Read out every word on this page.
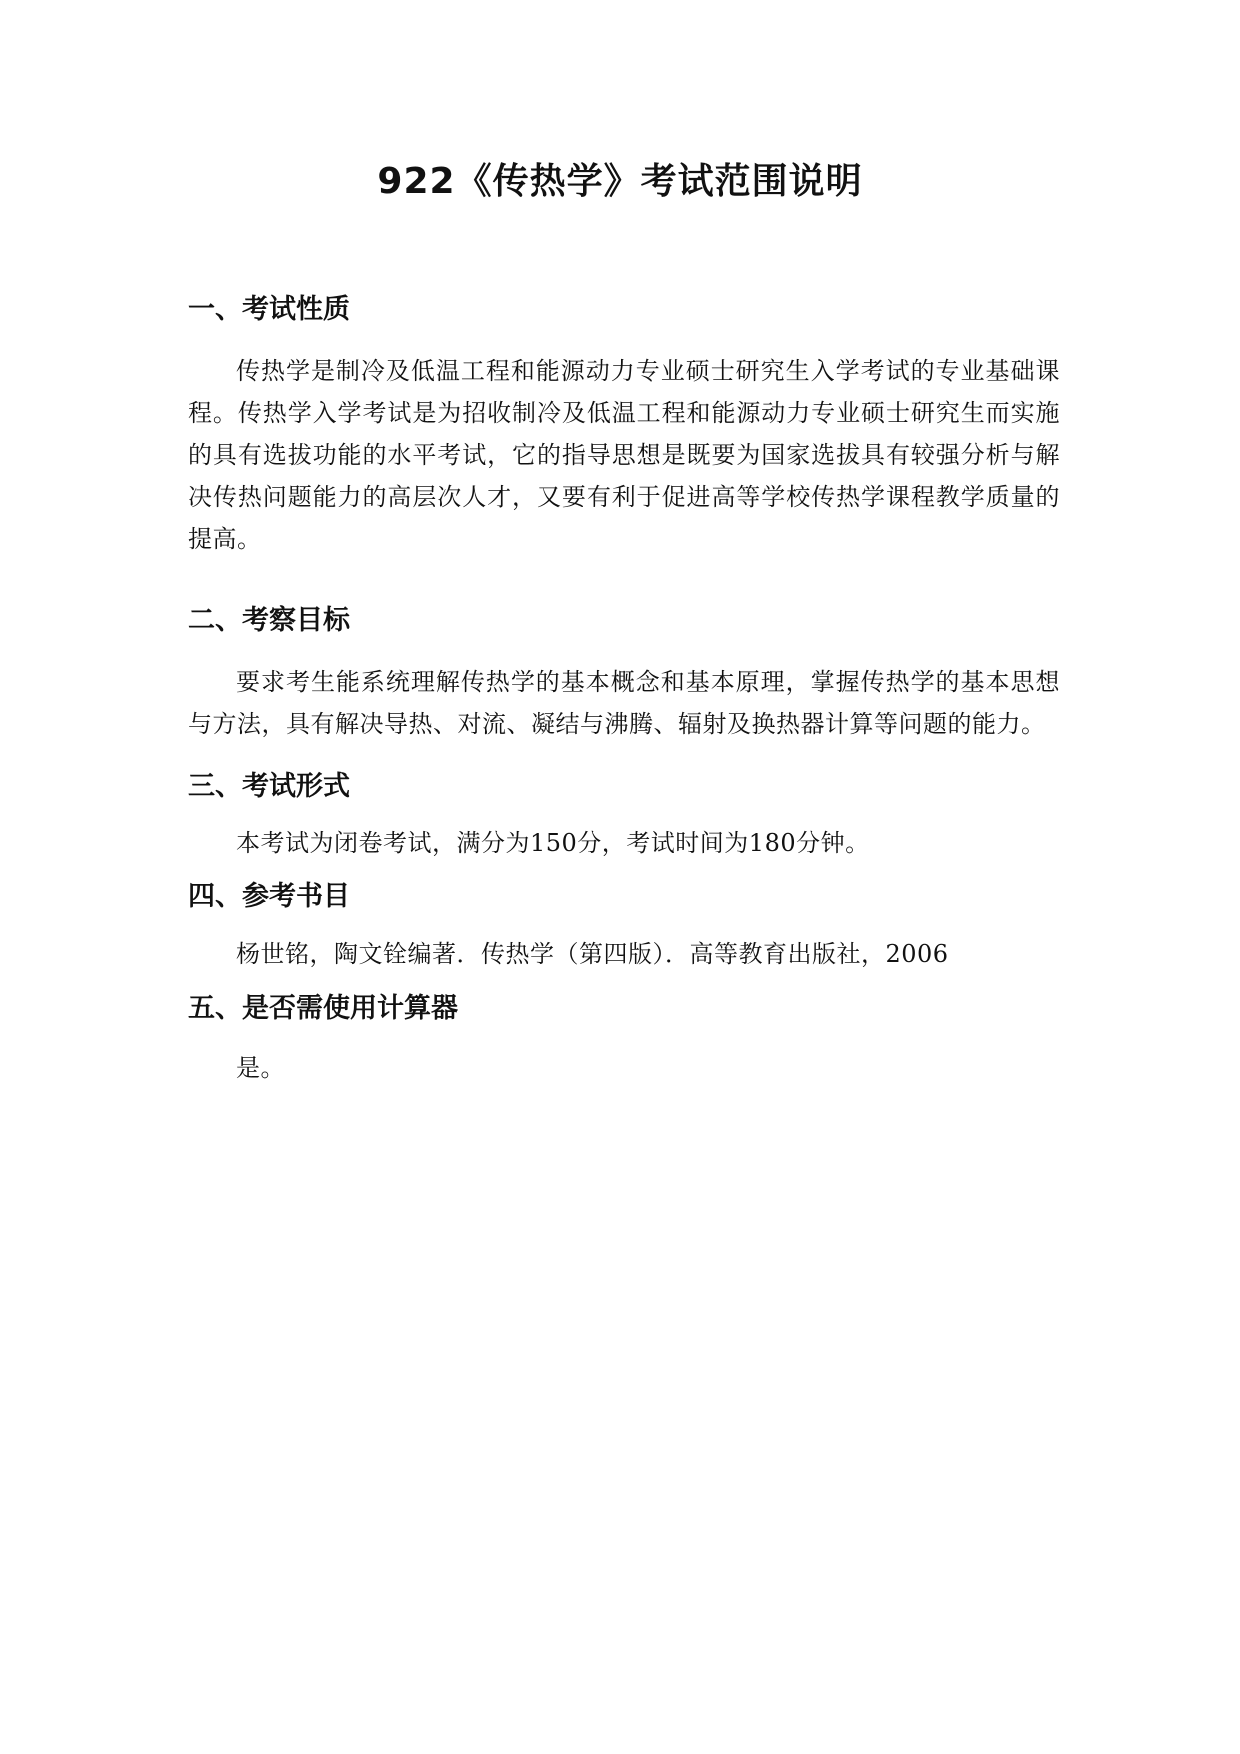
922《传热学》考试范围说明
一、考试性质

传热学是制冷及低温工程和能源动力专业硕士研究生入学考试的专业基础课程。传热学入学考试是为招收制冷及低温工程和能源动力专业硕士研究生而实施的具有选拔功能的水平考试，它的指导思想是既要为国家选拔具有较强分析与解决传热问题能力的高层次人才，又要有利于促进高等学校传热学课程教学质量的提高。

二、考察目标

要求考生能系统理解传热学的基本概念和基本原理，掌握传热学的基本思想与方法，具有解决导热、对流、凝结与沸腾、辐射及换热器计算等问题的能力。

三、考试形式

本考试为闭卷考试，满分为150分，考试时间为180分钟。

四、参考书目

杨世铭，陶文铨编著．传热学（第四版）．高等教育出版社，2006

五、是否需使用计算器

是。
